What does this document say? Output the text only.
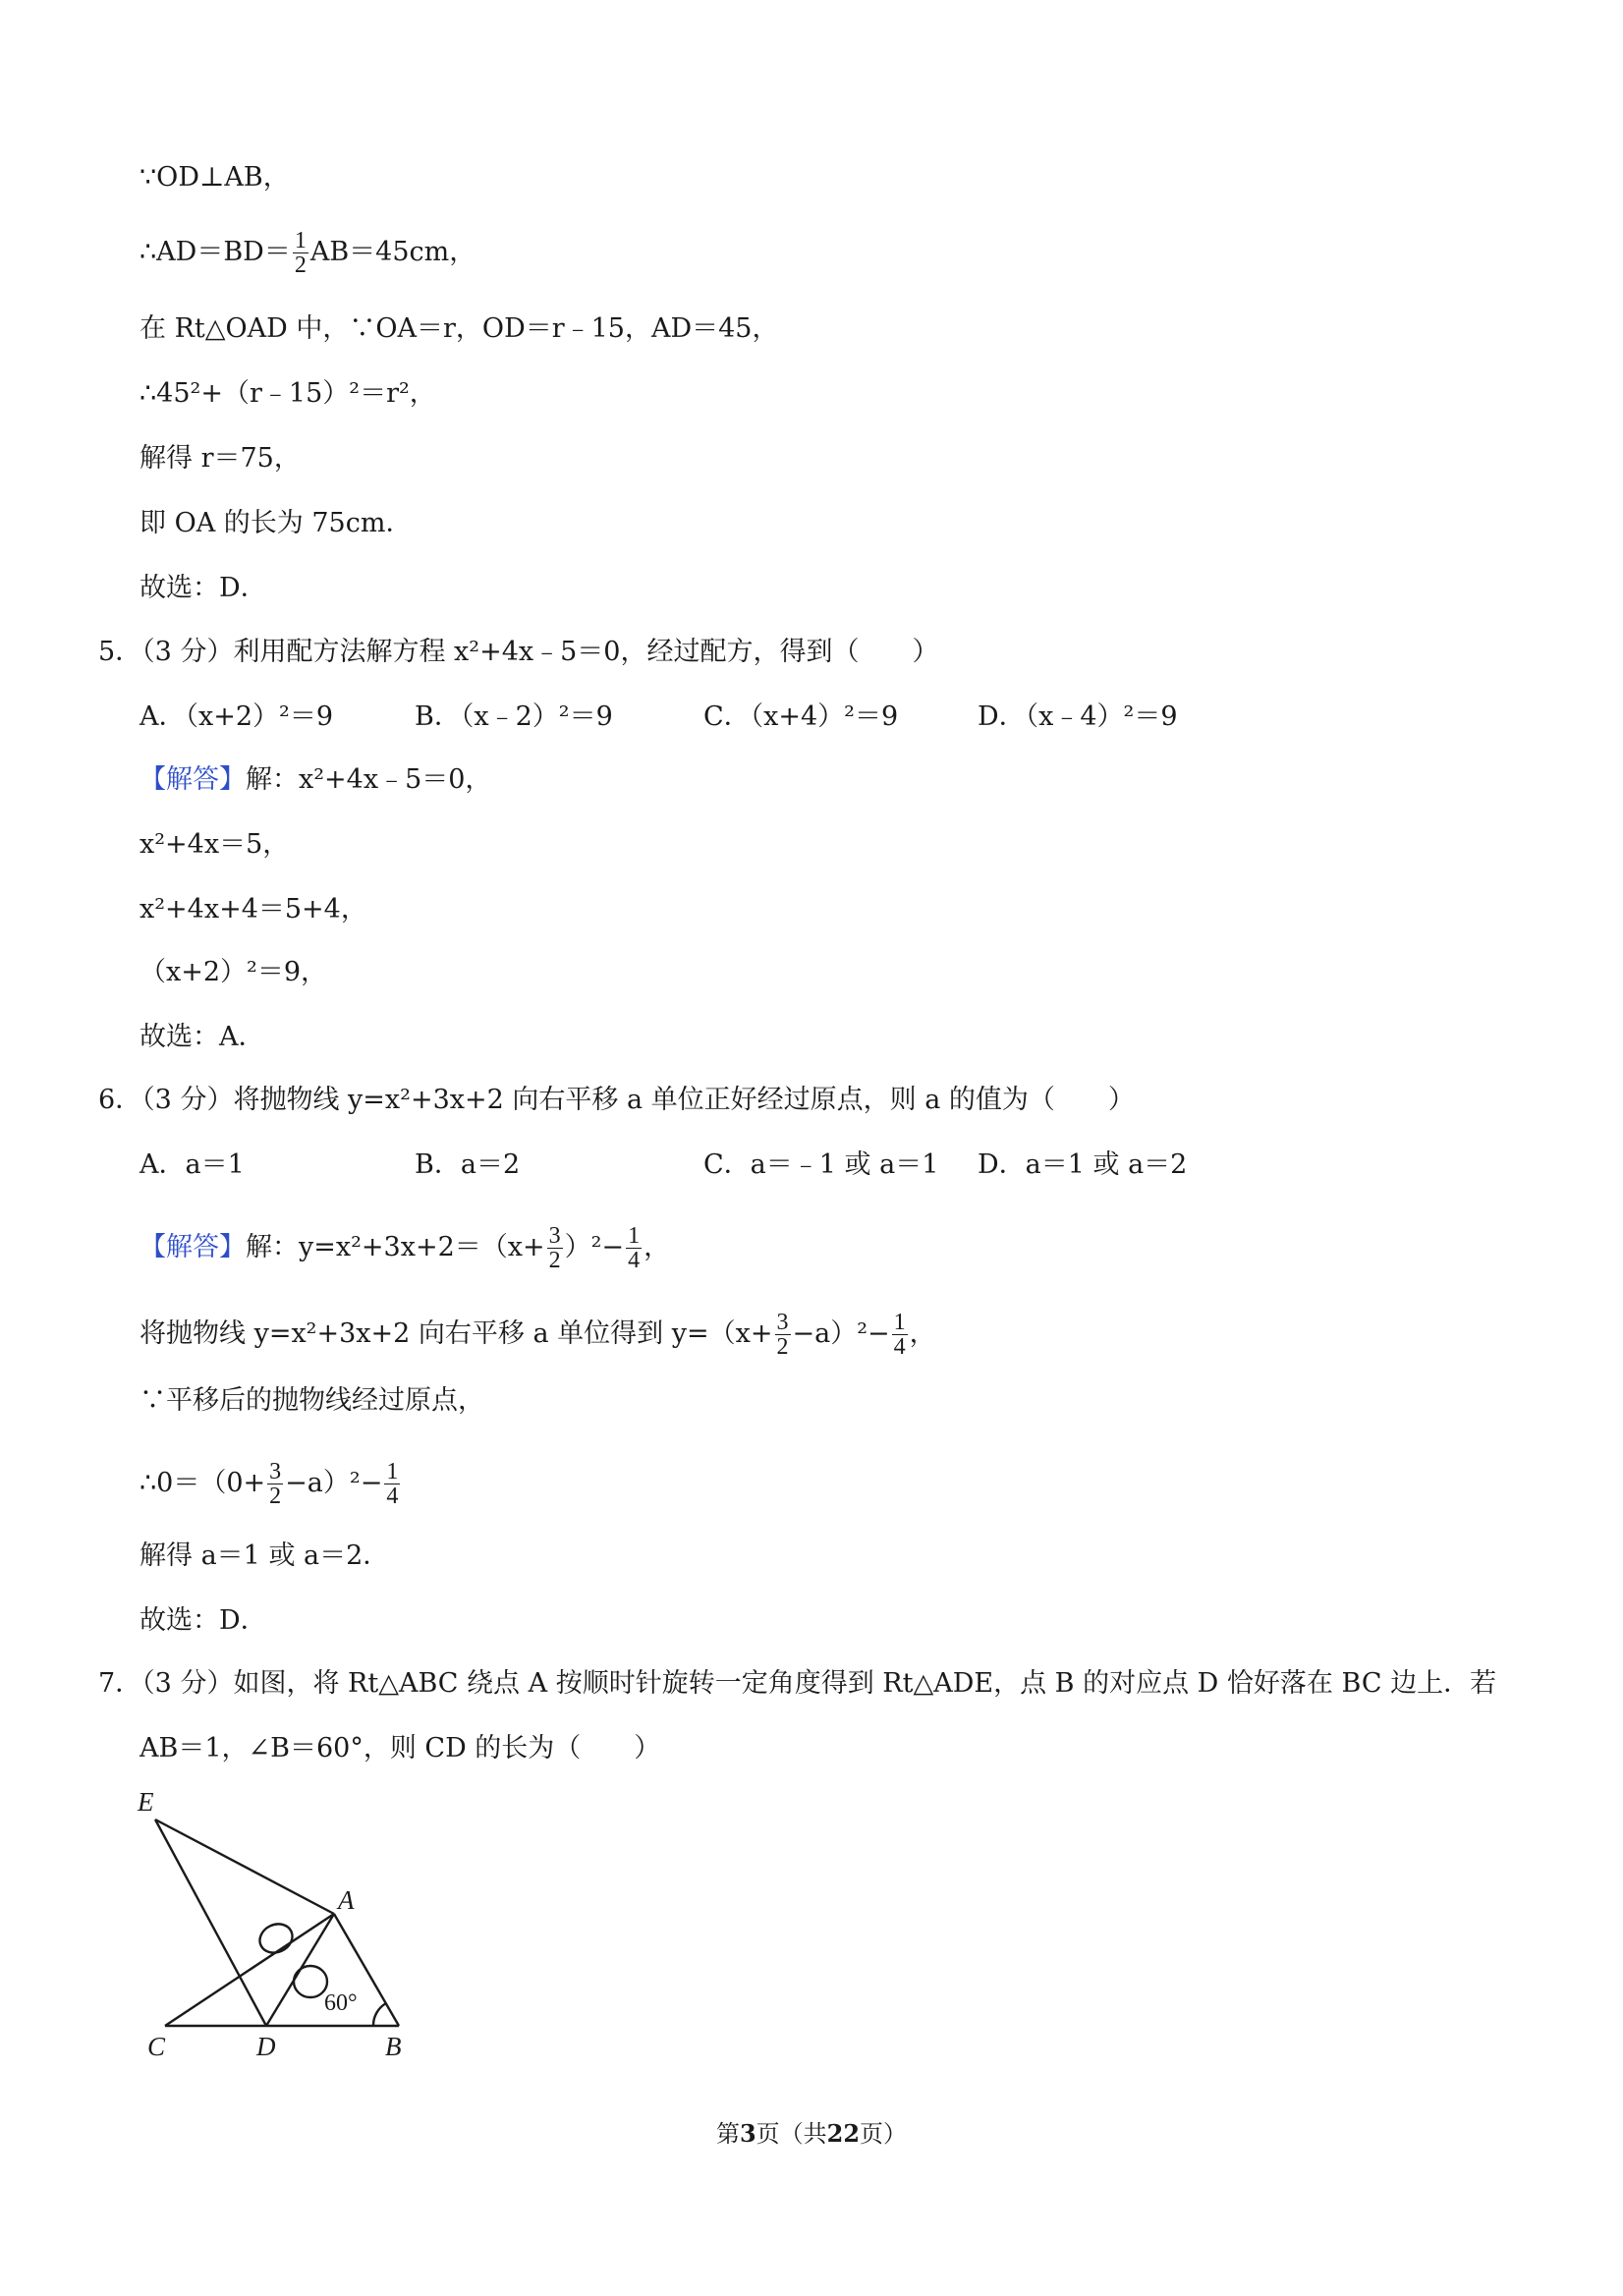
∵OD⊥AB，
∴AD＝BD＝ $\frac{1}{2} AB=45cm$，
在 Rt△OAD 中，∵OA＝r，OD＝r﹣15，AD＝45，
∴45²+（r﹣15）²＝r²，
解得 r＝75，
即 OA 的长为 75cm．
故选：D．
5．（3 分）利用配方法解方程 x²+4x﹣5＝0，经过配方，得到（　　）
A．（x+2）²＝9	B．（x﹣2）²＝9	C．（x+4）²＝9	D．（x﹣4）²＝9
【解答】解：x²+4x﹣5＝0，
x²+4x＝5，
x²+4x+4＝5+4，
（x+2）²＝9，
故选：A．
6．（3 分）将抛物线 y=x²+3x+2 向右平移 a 单位正好经过原点，则 a 的值为（　　）
A．a＝1	B．a＝2	C．a＝﹣1 或 a＝1 D．a＝1 或 a＝2
【解答】解：$y=x^2+3x+2=(x+ \frac{3}{2} )^2- \frac{1}{4}$ ，
将抛物线 y=x²+3x+2 向右平移 a 单位得到 $y=(x+ \frac{3}{2} -a)^2- \frac{1}{4}$ ，
∵平移后的抛物线经过原点，
∴0＝（0+ $\frac{3}{2} -a)^2- \frac{1}{4}$
解得 a＝1 或 a＝2．
故选：D．
7．（3 分）如图，将 Rt△ABC 绕点 A 按顺时针旋转一定角度得到 Rt△ADE，点 B 的对应点 D 恰好落在 BC 边上．若
AB＝1，∠B＝60°，则 CD 的长为（　　）
E
A
C	D	B
60°
第3页（共22页）
